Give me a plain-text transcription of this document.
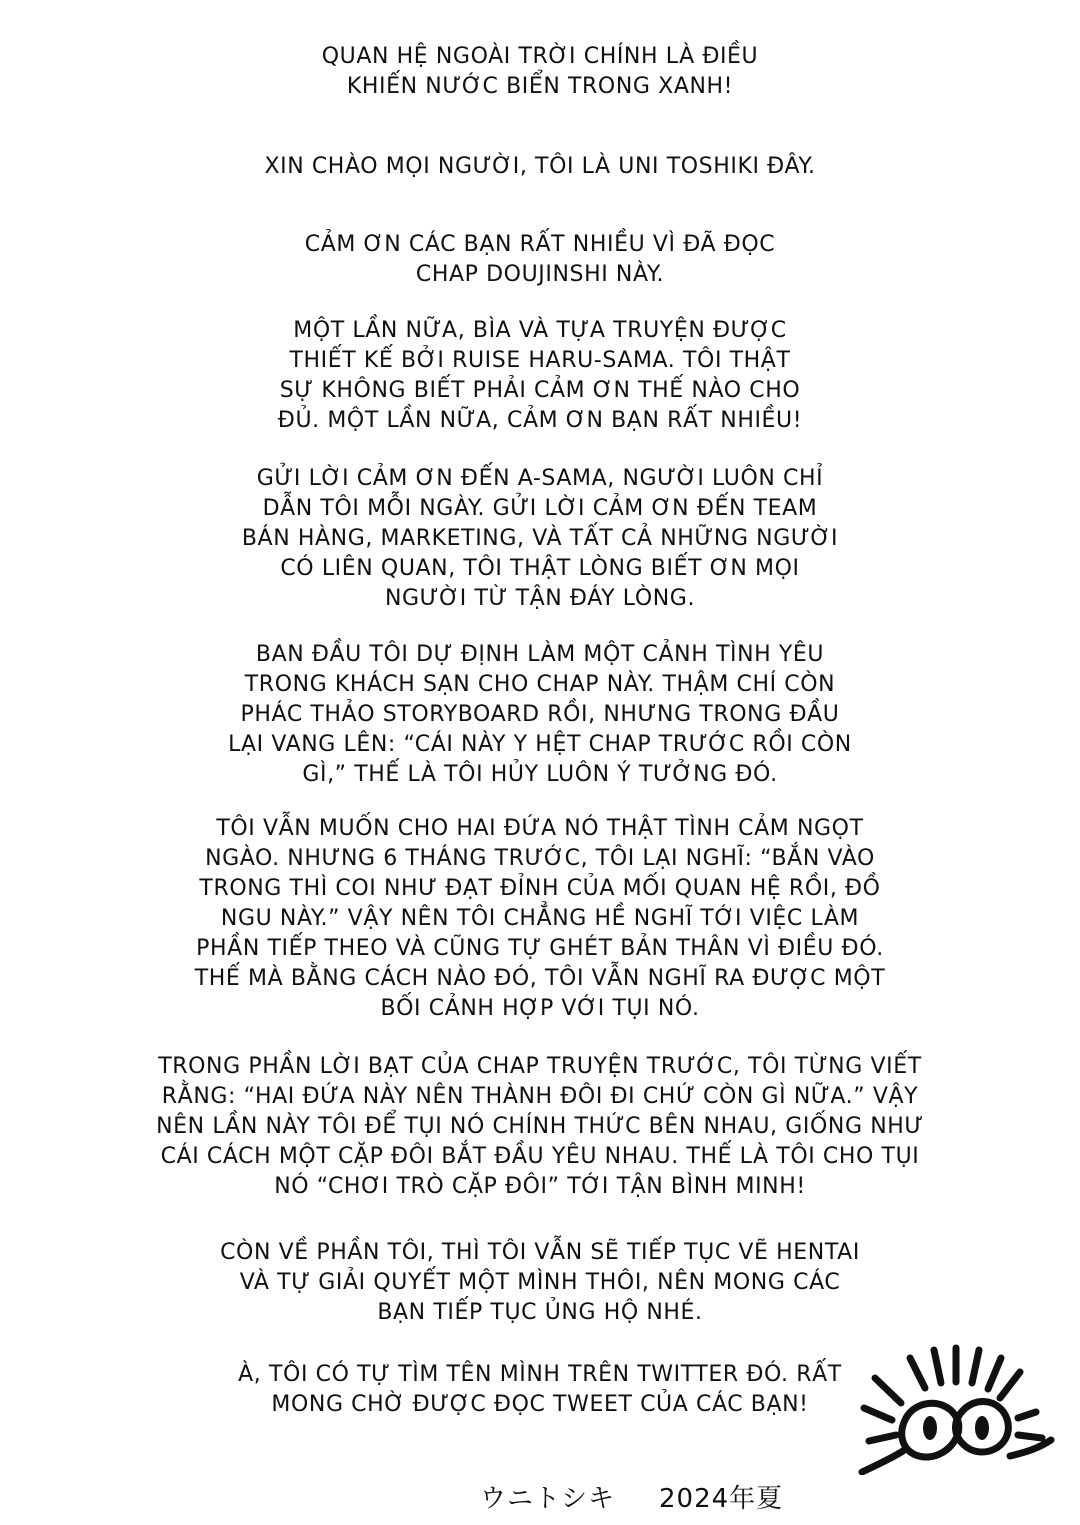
QUAN HỆ NGOÀI TRỜI CHÍNH LÀ ĐIỀU
KHIẾN NƯỚC BIỂN TRONG XANH!
XIN CHÀO MỌI NGƯỜI, TÔI LÀ UNI TOSHIKI ĐÂY.
CẢM ƠN CÁC BẠN RẤT NHIỀU VÌ ĐÃ ĐỌC
CHAP DOUJINSHI NÀY.
MỘT LẦN NỮA, BÌA VÀ TỰA TRUYỆN ĐƯỢC
THIẾT KẾ BỞI RUISE HARU-SAMA. TÔI THẬT
SỰ KHÔNG BIẾT PHẢI CẢM ƠN THẾ NÀO CHO
ĐỦ. MỘT LẦN NỮA, CẢM ƠN BẠN RẤT NHIỀU!
GỬI LỜI CẢM ƠN ĐẾN A-SAMA, NGƯỜI LUÔN CHỈ
DẪN TÔI MỖI NGÀY. GỬI LỜI CẢM ƠN ĐẾN TEAM
BÁN HÀNG, MARKETING, VÀ TẤT CẢ NHỮNG NGƯỜI
CÓ LIÊN QUAN, TÔI THẬT LÒNG BIẾT ƠN MỌI
NGƯỜI TỪ TẬN ĐÁY LÒNG.
BAN ĐẦU TÔI DỰ ĐỊNH LÀM MỘT CẢNH TÌNH YÊU
TRONG KHÁCH SẠN CHO CHAP NÀY. THẬM CHÍ CÒN
PHÁC THẢO STORYBOARD RỒI, NHƯNG TRONG ĐẦU
LẠI VANG LÊN: “CÁI NÀY Y HỆT CHAP TRƯỚC RỒI CÒN
GÌ,” THẾ LÀ TÔI HỦY LUÔN Ý TƯỞNG ĐÓ.
TÔI VẪN MUỐN CHO HAI ĐỨA NÓ THẬT TÌNH CẢM NGỌT
NGÀO. NHƯNG 6 THÁNG TRƯỚC, TÔI LẠI NGHĨ: “BẮN VÀO
TRONG THÌ COI NHƯ ĐẠT ĐỈNH CỦA MỐI QUAN HỆ RỒI, ĐỒ
NGU NÀY.” VẬY NÊN TÔI CHẲNG HỀ NGHĨ TỚI VIỆC LÀM
PHẦN TIẾP THEO VÀ CŨNG TỰ GHÉT BẢN THÂN VÌ ĐIỀU ĐÓ.
THẾ MÀ BẰNG CÁCH NÀO ĐÓ, TÔI VẪN NGHĨ RA ĐƯỢC MỘT
BỐI CẢNH HỢP VỚI TỤI NÓ.
TRONG PHẦN LỜI BẠT CỦA CHAP TRUYỆN TRƯỚC, TÔI TỪNG VIẾT
RẰNG: “HAI ĐỨA NÀY NÊN THÀNH ĐÔI ĐI CHỨ CÒN GÌ NỮA.” VẬY
NÊN LẦN NÀY TÔI ĐỂ TỤI NÓ CHÍNH THỨC BÊN NHAU, GIỐNG NHƯ
CÁI CÁCH MỘT CẶP ĐÔI BẮT ĐẦU YÊU NHAU. THẾ LÀ TÔI CHO TỤI
NÓ “CHƠI TRÒ CẶP ĐÔI” TỚI TẬN BÌNH MINH!
CÒN VỀ PHẦN TÔI, THÌ TÔI VẪN SẼ TIẾP TỤC VẼ HENTAI
VÀ TỰ GIẢI QUYẾT MỘT MÌNH THÔI, NÊN MONG CÁC
BẠN TIẾP TỤC ỦNG HỘ NHÉ.
À, TÔI CÓ TỰ TÌM TÊN MÌNH TRÊN TWITTER ĐÓ. RẤT
MONG CHỜ ĐƯỢC ĐỌC TWEET CỦA CÁC BẠN!
ウニトシキ 2024年夏
